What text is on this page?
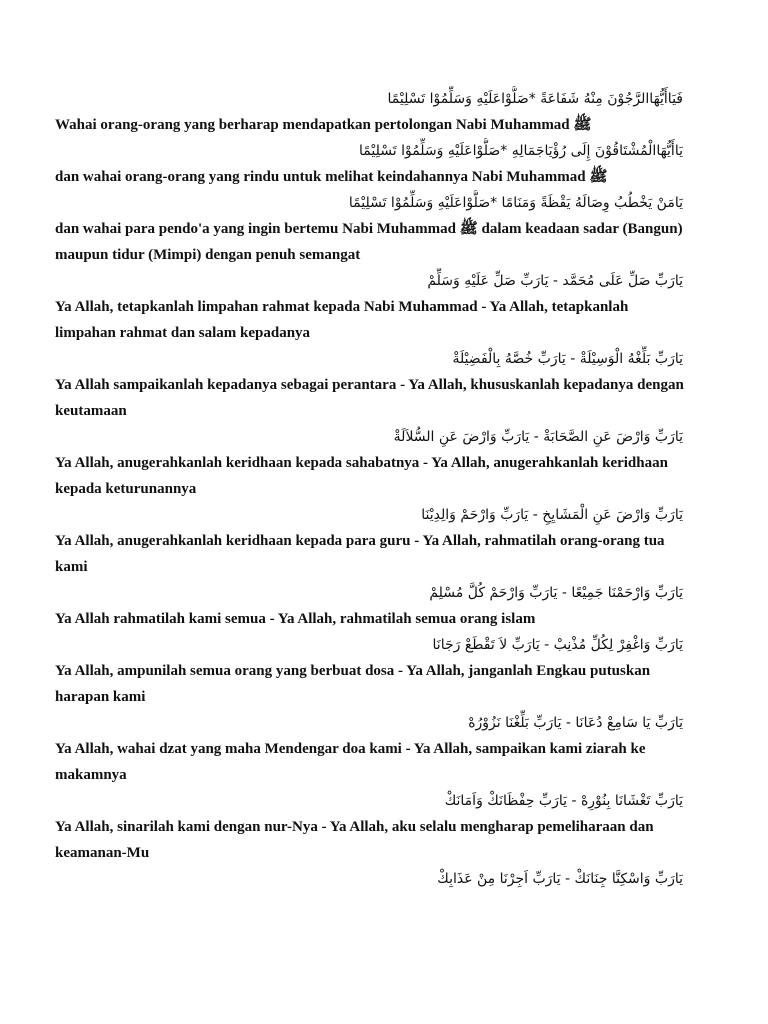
فَيَاأَيُّهَاالرَّجُوْنَ مِنْهُ شَفَاعَةً *صَلُّوْاعَلَيْهِ وَسَلِّمُوْا تَسْلِيْمًا
Wahai orang-orang yang berharap mendapatkan pertolongan Nabi Muhammad ﷺ
يَاأَيُّهَاالْمُشْتَاقُوْنَ إِلَى رُؤْيَاجَمَالِهِ *صَلُّوْاعَلَيْهِ وَسَلِّمُوْا تَسْلِيْمًا
dan wahai orang-orang yang rindu untuk melihat keindahannya Nabi Muhammad ﷺ
يَامَنْ يَخْطُبُ وِصَالَهُ يَقْظَةً وَمَنَامًا *صَلُّوْاعَلَيْهِ وَسَلِّمُوْا تَسْلِيْمًا
dan wahai para pendo'a yang ingin bertemu Nabi Muhammad ﷺ dalam keadaan sadar (Bangun) maupun tidur (Mimpi) dengan penuh semangat
يَارَبِّ صَلِّ عَلَى مُحَمَّد - يَارَبِّ صَلِّ عَلَيْهِ وَسَلِّمْ
Ya Allah, tetapkanlah limpahan rahmat kepada Nabi Muhammad - Ya Allah, tetapkanlah limpahan rahmat dan salam kepadanya
يَارَبِّ بَلِّغْهُ الْوَسِيْلَةْ - يَارَبِّ خُصَّهُ بِالْفَضِيْلَةْ
Ya Allah sampaikanlah kepadanya sebagai perantara - Ya Allah, khususkanlah kepadanya dengan keutamaan
يَارَبِّ وَارْضَ عَنِ الصَّحَابَةْ - يَارَبِّ وَارْضَ عَنِ السُّلاَلَةْ
Ya Allah, anugerahkanlah keridhaan kepada sahabatnya - Ya Allah, anugerahkanlah keridhaan kepada keturunannya
يَارَبِّ وَارْضَ عَنِ الْمَشَايِخِ - يَارَبِّ وَارْحَمْ وَالِدِيْنَا
Ya Allah, anugerahkanlah keridhaan kepada para guru - Ya Allah, rahmatilah orang-orang tua kami
يَارَبِّ وَارْحَمْنَا جَمِيْعًا - يَارَبِّ وَارْحَمْ كُلَّ مُسْلِمْ
Ya Allah rahmatilah kami semua - Ya Allah, rahmatilah semua orang islam
يَارَبِّ وَاغْفِرْ لِكُلِّ مُذْنِبْ - يَارَبِّ لاَ تَقْطَعْ رَجَانَا
Ya Allah, ampunilah semua orang yang berbuat dosa - Ya Allah, janganlah Engkau putuskan harapan kami
يَارَبِّ يَا سَامِعْ دُعَانَا - يَارَبِّ بَلِّغْنَا نَزُوْرُهْ
Ya Allah, wahai dzat yang maha Mendengar doa kami - Ya Allah, sampaikan kami ziarah ke makamnya
يَارَبِّ تَغْشَانَا بِنُوْرِهْ - يَارَبِّ حِفْظَانَكْ وَاَمَانَكْ
Ya Allah, sinarilah kami dengan nur-Nya - Ya Allah, aku selalu mengharap pemeliharaan dan keamanan-Mu
يَارَبِّ وَاسْكِنَّا جِنَانَكْ - يَارَبِّ اَجِرْنَا مِنْ عَذَابِكْ
